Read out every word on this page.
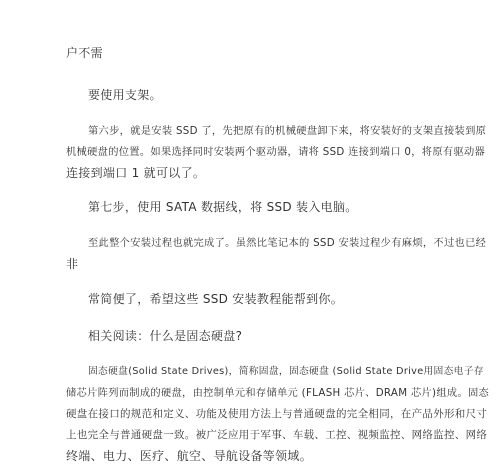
户不需
要使用支架。
第六步，就是安装 SSD 了，先把原有的机械硬盘卸下来，将安装好的支架直接装到原
机械硬盘的位置。如果选择同时安装两个驱动器，请将 SSD 连接到端口 0，将原有驱动器
连接到端口 1 就可以了。
第七步，使用 SATA 数据线，将 SSD 装入电脑。
至此整个安装过程也就完成了。虽然比笔记本的 SSD 安装过程少有麻烦，不过也已经
非
常简便了，希望这些 SSD 安装教程能帮到你。
相关阅读：什么是固态硬盘?
固态硬盘(Solid State Drives)，简称固盘，固态硬盘 (Solid State Drive用固态电子存
储芯片阵列而制成的硬盘，由控制单元和存储单元 (FLASH 芯片、DRAM 芯片)组成。固态
硬盘在接口的规范和定义、功能及使用方法上与普通硬盘的完全相同，在产品外形和尺寸
上也完全与普通硬盘一致。被广泛应用于军事、车载、工控、视频监控、网络监控、网络
终端、电力、医疗、航空、导航设备等领域。
